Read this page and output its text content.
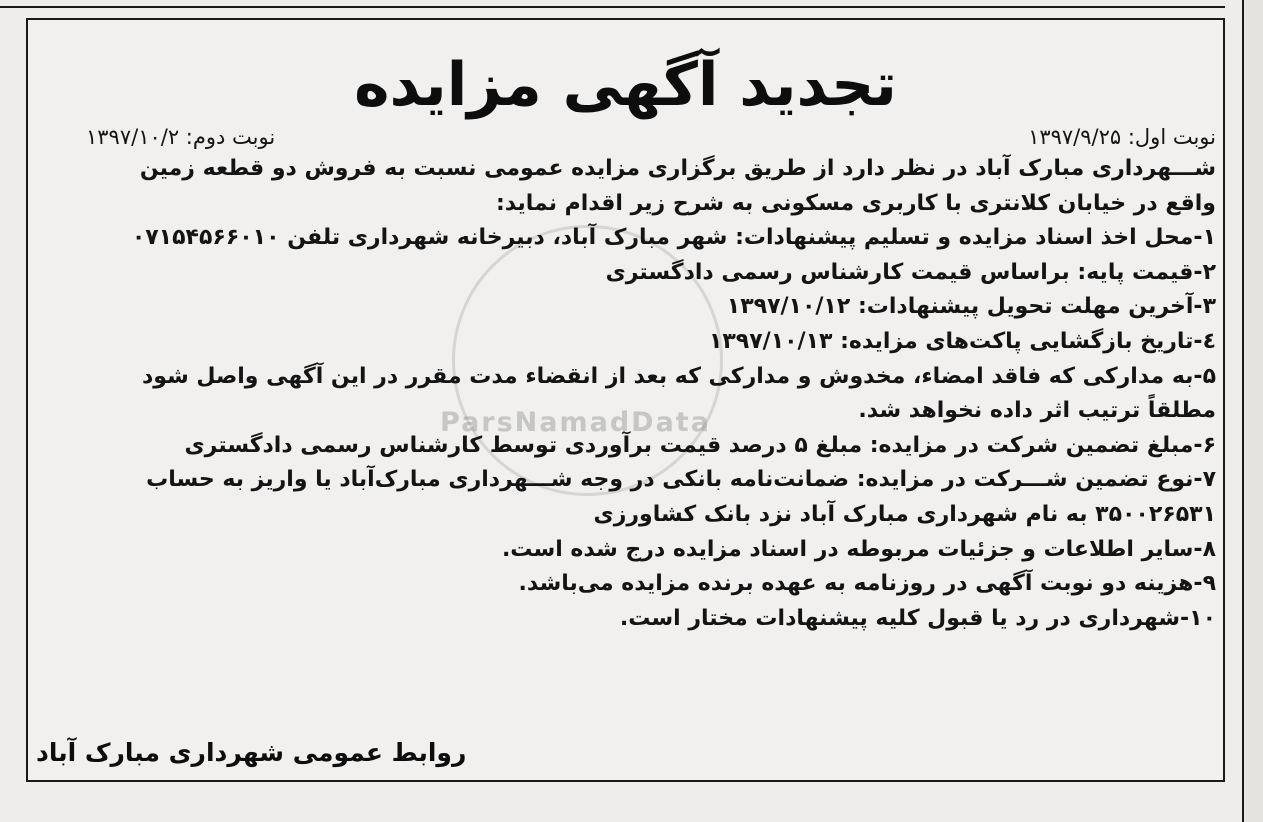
ParsNamadData
تجدید آگهی مزایده
نوبت اول: ۱۳۹۷/۹/۲۵
نوبت دوم: ۱۳۹۷/۱۰/۲
شـــهرداری مبارک آباد در نظر دارد از طریق برگزاری مزایده عمومی نسبت به فروش دو قطعه زمین
واقع در خیابان کلانتری با کاربری مسکونی به شرح زیر اقدام نماید:
۱-محل اخذ اسناد مزایده و تسلیم پیشنهادات: شهر مبارک آباد، دبیرخانه شهرداری تلفن ۰۷۱۵۴۵۶۶۰۱۰
۲-قیمت پایه: براساس قیمت کارشناس رسمی دادگستری
۳-آخرین مهلت تحویل پیشنهادات: ۱۳۹۷/۱۰/۱۲
٤-تاریخ بازگشایی پاکت‌های مزایده: ۱۳۹۷/۱۰/۱۳
۵-به مدارکی که فاقد امضاء، مخدوش و مدارکی که بعد از انقضاء مدت مقرر در این آگهی واصل شود
مطلقاً ترتیب اثر داده نخواهد شد.
۶-مبلغ تضمین شرکت در مزایده: مبلغ ۵ درصد قیمت برآوردی توسط کارشناس رسمی دادگستری
۷-نوع تضمین شـــرکت در مزایده: ضمانت‌نامه بانکی در وجه شـــهرداری مبارک‌آباد یا واریز به حساب
۳۵۰۰۲۶۵۳۱ به نام شهرداری مبارک آباد نزد بانک کشاورزی
۸-سایر اطلاعات و جزئیات مربوطه در اسناد مزایده درج شده است.
۹-هزینه دو نوبت آگهی در روزنامه به عهده برنده مزایده می‌باشد.
۱۰-شهرداری در رد یا قبول کلیه پیشنهادات مختار است.
روابط عمومی شهرداری مبارک آباد
